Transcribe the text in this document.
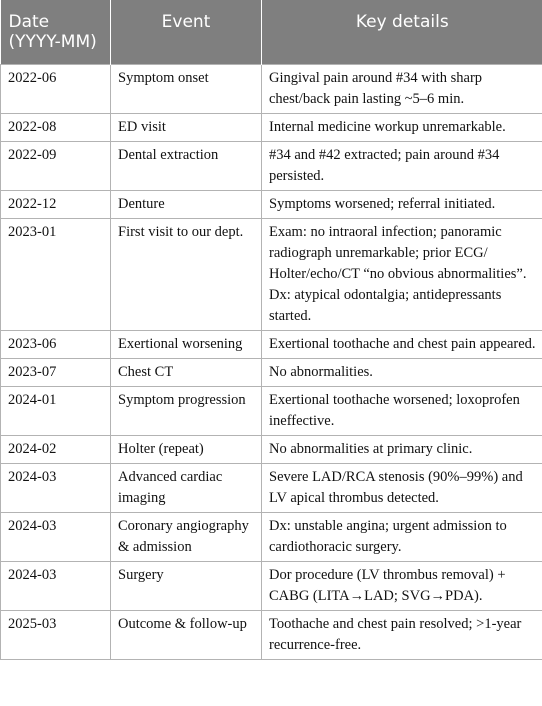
Date (YYYY-MM)	Event	Key details
2022-06	Symptom onset	Gingival pain around #34 with sharp chest/back pain lasting ~5–6 min.
2022-08	ED visit	Internal medicine workup unremarkable.
2022-09	Dental extraction	#34 and #42 extracted; pain around #34 persisted.
2022-12	Denture	Symptoms worsened; referral initiated.
2023-01	First visit to our dept.	Exam: no intraoral infection; panoramic radiograph unremarkable; prior ECG/ Holter/echo/CT “no obvious abnormalities”. Dx: atypical odontalgia; antidepressants started.
2023-06	Exertional worsening	Exertional toothache and chest pain appeared.
2023-07	Chest CT	No abnormalities.
2024-01	Symptom progression	Exertional toothache worsened; loxoprofen ineffective.
2024-02	Holter (repeat)	No abnormalities at primary clinic.
2024-03	Advanced cardiac imaging	Severe LAD/RCA stenosis (90%–99%) and LV apical thrombus detected.
2024-03	Coronary angiography & admission	Dx: unstable angina; urgent admission to cardiothoracic surgery.
2024-03	Surgery	Dor procedure (LV thrombus removal) + CABG (LITA→LAD; SVG→PDA).
2025-03	Outcome & follow-up	Toothache and chest pain resolved; >1-year recurrence-free.
